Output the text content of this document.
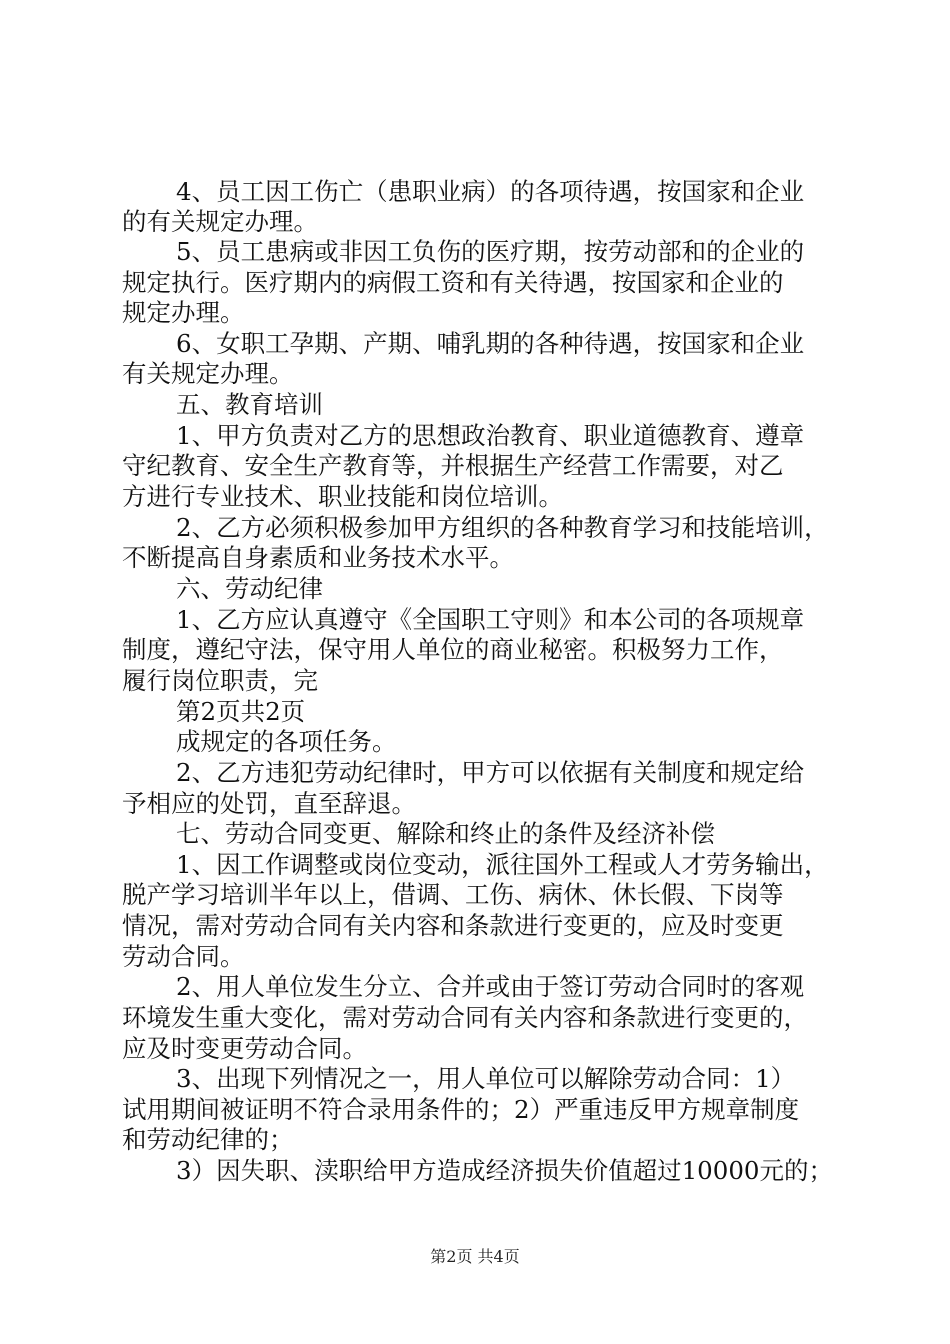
4、员工因工伤亡（患职业病）的各项待遇，按国家和企业
的有关规定办理。
5、员工患病或非因工负伤的医疗期，按劳动部和的企业的
规定执行。医疗期内的病假工资和有关待遇，按国家和企业的
规定办理。
6、女职工孕期、产期、哺乳期的各种待遇，按国家和企业
有关规定办理。
五、教育培训
1、甲方负责对乙方的思想政治教育、职业道德教育、遵章
守纪教育、安全生产教育等，并根据生产经营工作需要，对乙
方进行专业技术、职业技能和岗位培训。
2、乙方必须积极参加甲方组织的各种教育学习和技能培训，
不断提高自身素质和业务技术水平。
六、劳动纪律
1、乙方应认真遵守《全国职工守则》和本公司的各项规章
制度，遵纪守法，保守用人单位的商业秘密。积极努力工作，
履行岗位职责，完
第2页共2页
成规定的各项任务。
2、乙方违犯劳动纪律时，甲方可以依据有关制度和规定给
予相应的处罚，直至辞退。
七、劳动合同变更、解除和终止的条件及经济补偿
1、因工作调整或岗位变动，派往国外工程或人才劳务输出，
脱产学习培训半年以上，借调、工伤、病休、休长假、下岗等
情况，需对劳动合同有关内容和条款进行变更的，应及时变更
劳动合同。
2、用人单位发生分立、合并或由于签订劳动合同时的客观
环境发生重大变化，需对劳动合同有关内容和条款进行变更的，
应及时变更劳动合同。
3、出现下列情况之一，用人单位可以解除劳动合同：1）
试用期间被证明不符合录用条件的；2）严重违反甲方规章制度
和劳动纪律的；
3）因失职、渎职给甲方造成经济损失价值超过10000元的；
第2页 共4页
